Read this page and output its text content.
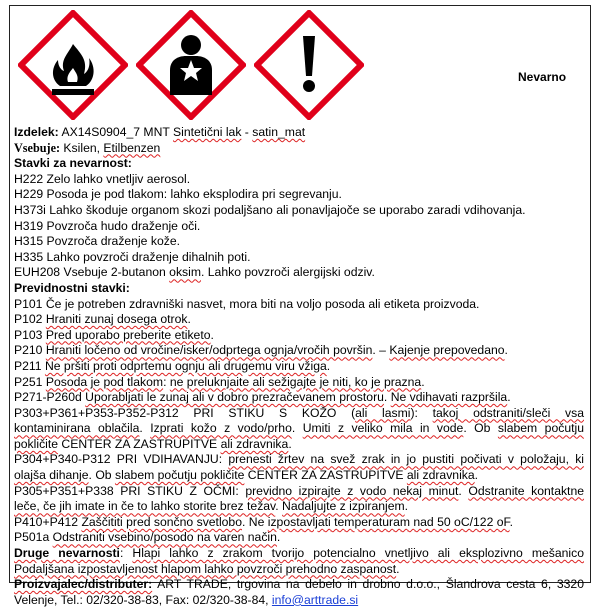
Nevarno
Izdelek: AX14S0904_7 MNT Sintetični lak - satin_mat
Vsebuje: Ksilen, Etilbenzen
Stavki za nevarnost:
H222 Zelo lahko vnetljiv aerosol.
H229 Posoda je pod tlakom: lahko eksplodira pri segrevanju.
H373i Lahko škoduje organom skozi podaljšano ali ponavljajoče se uporabo zaradi vdihovanja.
H319 Povzroča hudo draženje oči.
H315 Povzroča draženje kože.
H335 Lahko povzroči draženje dihalnih poti.
EUH208 Vsebuje 2-butanon oksim. Lahko povzroči alergijski odziv.
Previdnostni stavki:
P101 Če je potreben zdravniški nasvet, mora biti na voljo posoda ali etiketa proizvoda.
P102 Hraniti zunaj dosega otrok.
P103 Pred uporabo preberite etiketo.
P210 Hraniti ločeno od vročine/isker/odprtega ognja/vročih površin. – Kajenje prepovedano.
P211 Ne pršiti proti odprtemu ognju ali drugemu viru vžiga.
P251 Posoda je pod tlakom: ne preluknjaite ali sežigajte je niti, ko je prazna.
P271-P260d Uporabljati le zunaj ali v dobro prezračevanem prostoru. Ne vdihavati razpršila.
P303+P361+P353-P352-P312 PRI STIKU S KOŽO (ali lasmi): takoj odstraniti/sleči vsa
kontaminirana oblačila. Izprati kožo z vodo/prho. Umiti z veliko mila in vode. Ob slabem počutju
pokličite CENTER ZA ZASTRUPITVE ali zdravnika.
P304+P340-P312 PRI VDIHAVANJU: prenesti žrtev na svež zrak in jo pustiti počivati v položaju, ki
olajša dihanje. Ob slabem počutju pokličite CENTER ZA ZASTRUPITVE ali zdravnika.
P305+P351+P338 PRI STIKU Z OČMI: previdno izpirajte z vodo nekaj minut. Odstranite kontaktne
leče, če jih imate in če to lahko storite brez težav. Nadaljujte z izpiranjem.
P410+P412 Zaščititi pred sončno svetlobo. Ne izpostavljati temperaturam nad 50 oC/122 oF.
P501a Odstraniti vsebino/posodo na varen način.
Druge nevarnosti: Hlapi lahko z zrakom tvorijo potencialno vnetljivo ali eksplozivno mešanico
Podaljšana izpostavljenost hlapom lahko povzroči prehodno zaspanost.
Proizvajalec/distributer: ART TRADE, trgovina na debelo in drobno d.o.o., Šlandrova cesta 6, 3320
Velenje, Tel.: 02/320-38-83, Fax: 02/320-38-84, info@arttrade.si
